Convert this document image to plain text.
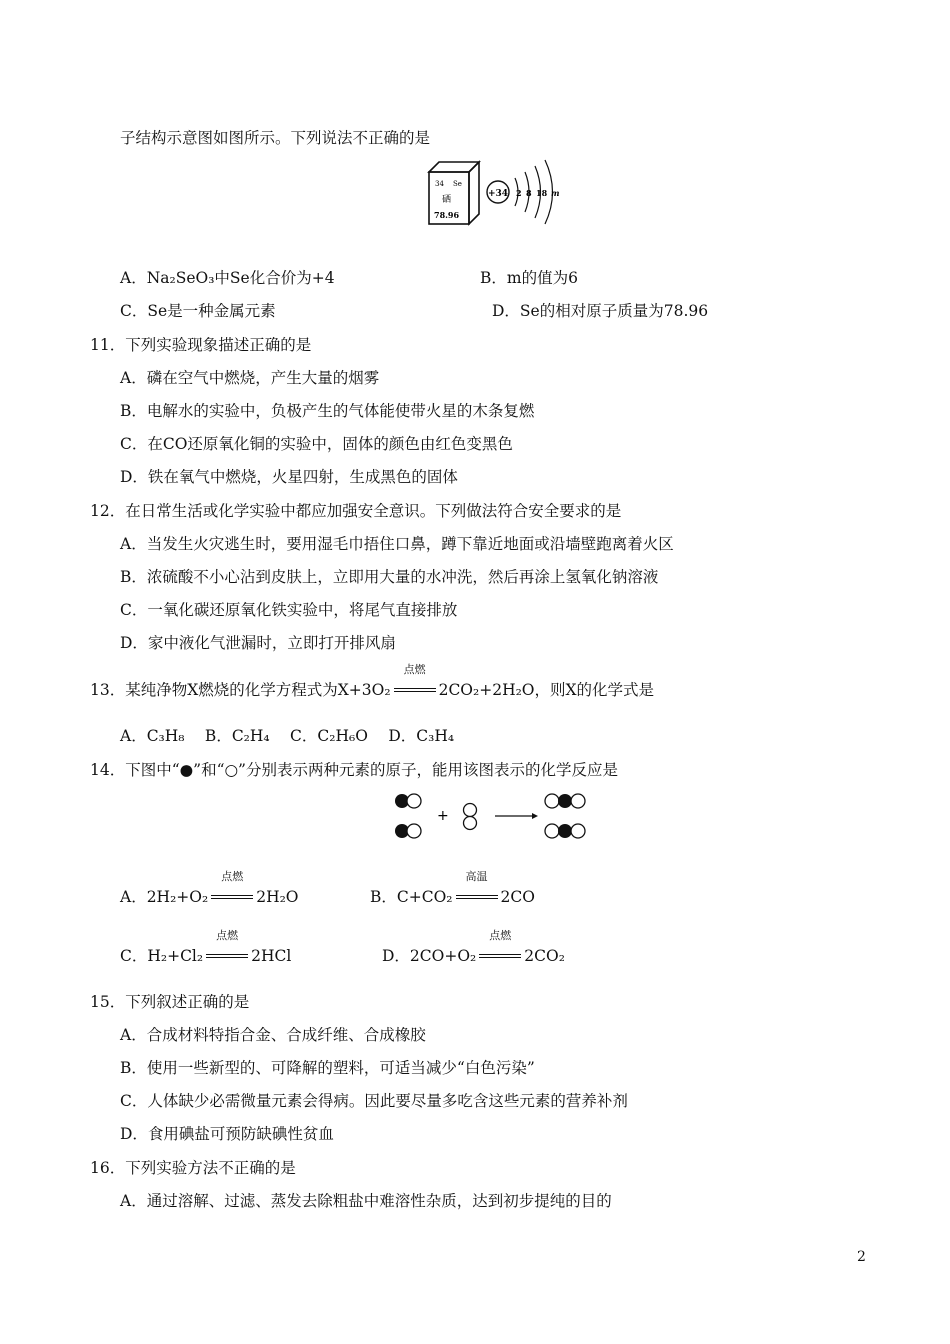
子结构示意图如图所示。下列说法不正确的是
34 Se
硒
78.96
+34 2 8 18 m
A．Na₂SeO₃中Se化合价为+4	B．m的值为6
C．Se是一种金属元素	D．Se的相对原子质量为78.96
11．下列实验现象描述正确的是
A．磷在空气中燃烧，产生大量的烟雾
B．电解水的实验中，负极产生的气体能使带火星的木条复燃
C．在CO还原氧化铜的实验中，固体的颜色由红色变黑色
D．铁在氧气中燃烧，火星四射，生成黑色的固体
12．在日常生活或化学实验中都应加强安全意识。下列做法符合安全要求的是
A．当发生火灾逃生时，要用湿毛巾捂住口鼻，蹲下靠近地面或沿墙壁跑离着火区
B．浓硫酸不小心沾到皮肤上，立即用大量的水冲洗，然后再涂上氢氧化钠溶液
C．一氧化碳还原氧化铁实验中，将尾气直接排放
D．家中液化气泄漏时，立即打开排风扇
13．某纯净物X燃烧的化学方程式为X+3O₂
点燃
2CO₂+2H₂O，则X的化学式是
A．C₃H₈　 B．C₂H₄　 C．C₂H₆O　 D．C₃H₄
14．下图中“●”和“○”分别表示两种元素的原子，能用该图表示的化学反应是
+
A．2H₂+O₂
点燃
2H₂O	B．C+CO₂
高温
2CO
C．H₂+Cl₂
点燃
2HCl	D．2CO+O₂
点燃
2CO₂
15．下列叙述正确的是
A．合成材料特指合金、合成纤维、合成橡胶
B．使用一些新型的、可降解的塑料，可适当减少“白色污染”
C．人体缺少必需微量元素会得病。因此要尽量多吃含这些元素的营养补剂
D．食用碘盐可预防缺碘性贫血
16．下列实验方法不正确的是
A．通过溶解、过滤、蒸发去除粗盐中难溶性杂质，达到初步提纯的目的
2
